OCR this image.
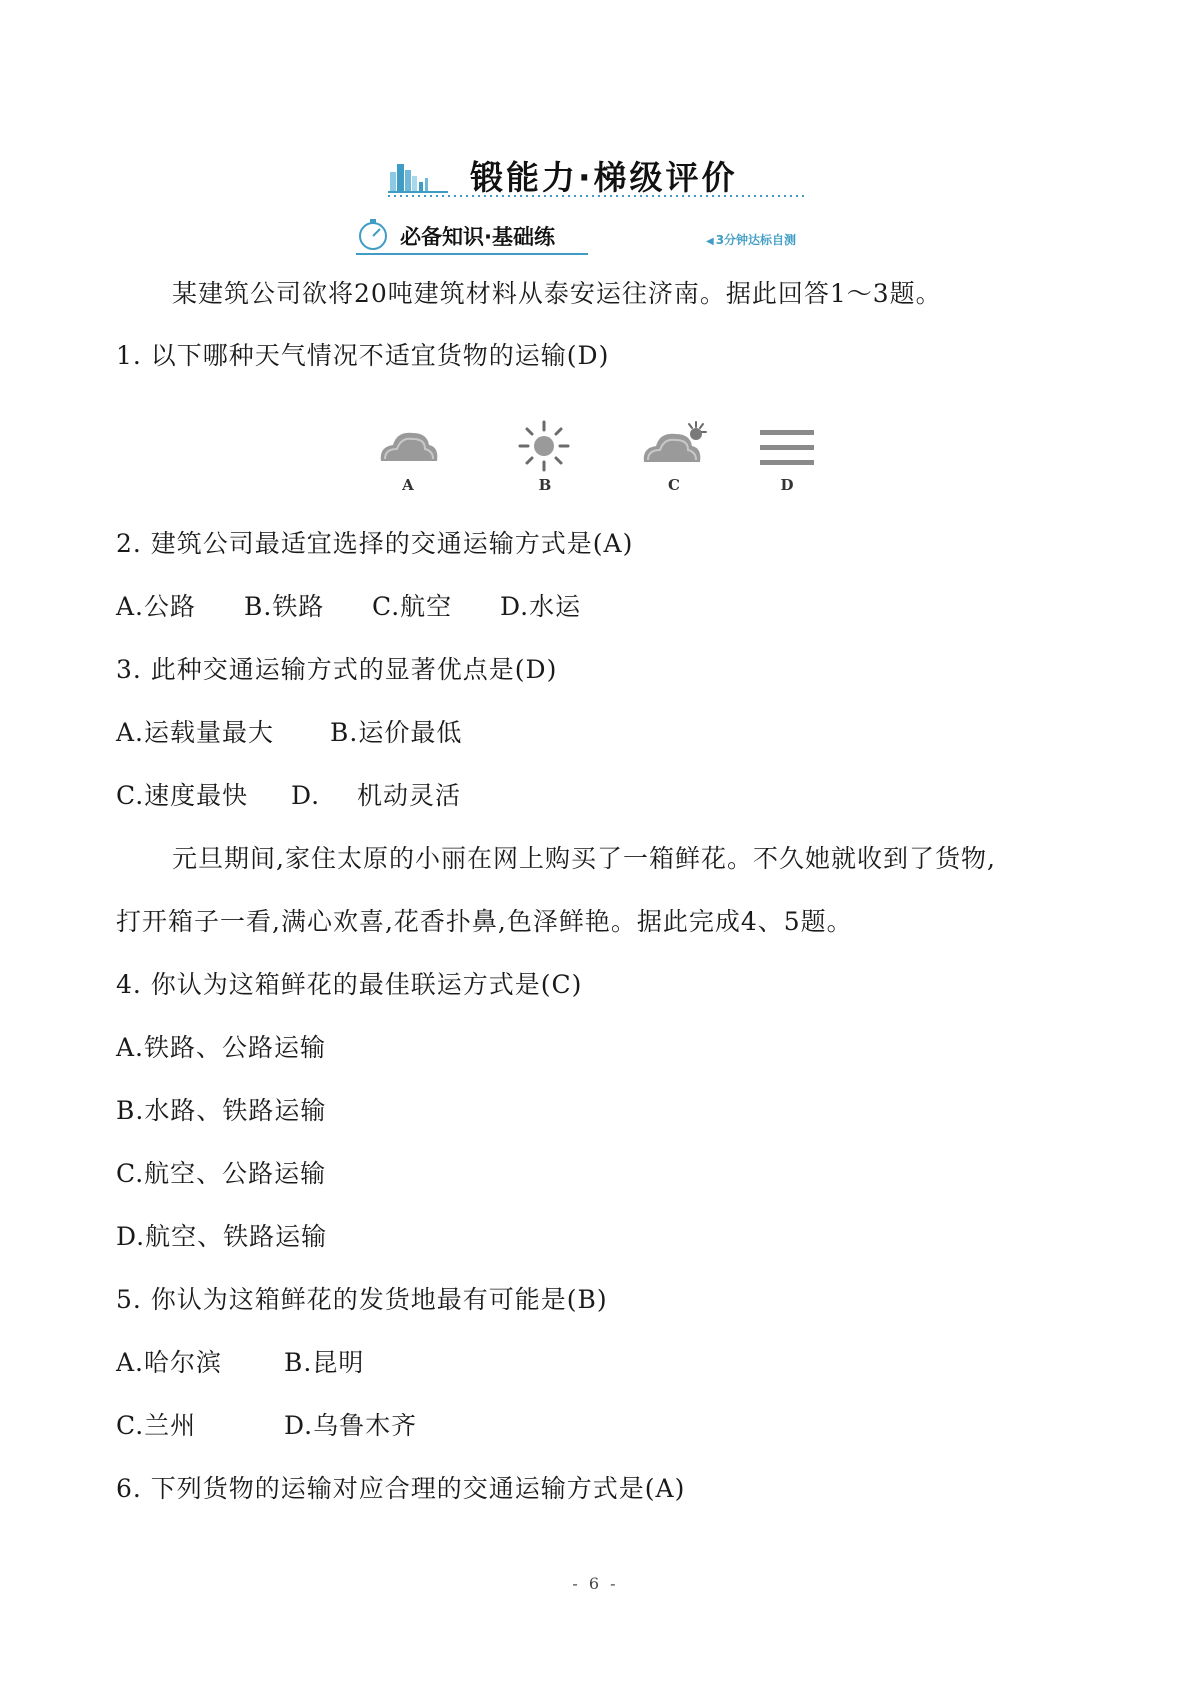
锻能力·梯级评价
必备知识·基础练	◀ 3分钟达标自测
某建筑公司欲将20吨建筑材料从泰安运往济南。据此回答1～3题。
1. 以下哪种天气情况不适宜货物的运输(D)
A	B	C	D
2. 建筑公司最适宜选择的交通运输方式是(A)
A.公路 B.铁路 C.航空 D.水运
3. 此种交通运输方式的显著优点是(D)
A.运载量最大 B.运价最低
C.速度最快 D. 机动灵活
元旦期间,家住太原的小丽在网上购买了一箱鲜花。不久她就收到了货物,
打开箱子一看,满心欢喜,花香扑鼻,色泽鲜艳。据此完成4、5题。
4. 你认为这箱鲜花的最佳联运方式是(C)
A.铁路、公路运输
B.水路、铁路运输
C.航空、公路运输
D.航空、铁路运输
5. 你认为这箱鲜花的发货地最有可能是(B)
A.哈尔滨 B.昆明
C.兰州	D.乌鲁木齐
6. 下列货物的运输对应合理的交通运输方式是(A)
- 6 -
